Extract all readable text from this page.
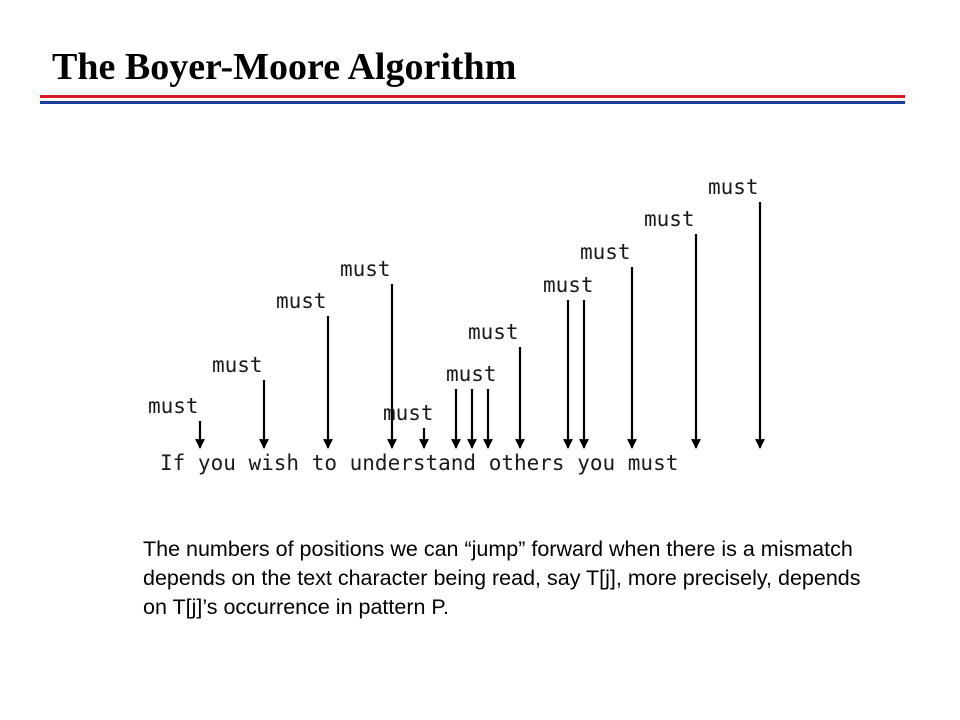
The Boyer-Moore Algorithm
If you wish to understand others you must
must
must
must
must
must
must
must
must
must
must
must

The numbers of positions we can “jump” forward when there is a mismatch depends on the text character being read, say T[j], more precisely, depends on T[j]’s occurrence in pattern P.
